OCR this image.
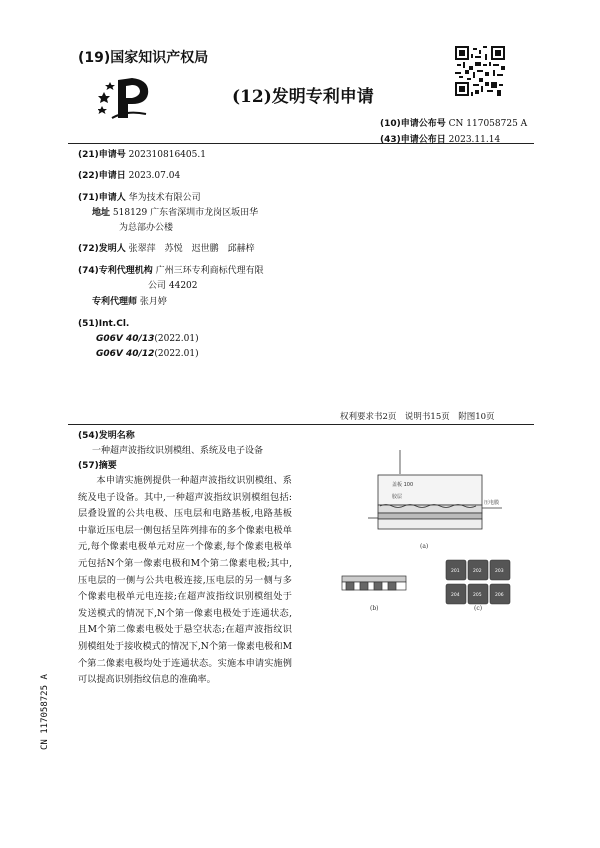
(19)国家知识产权局
(12)发明专利申请
(10)申请公布号 CN 117058725 A
(43)申请公布日 2023.11.14
(21)申请号 202310816405.1
(22)申请日 2023.07.04
(71)申请人 华为技术有限公司
地址 518129 广东省深圳市龙岗区坂田华
为总部办公楼
(72)发明人 张翠萍　苏悦　迟世鹏　邱赫梓
(74)专利代理机构 广州三环专利商标代理有限
公司 44202
专利代理师 张月婷
(51)Int.Cl.
G06V 40/13(2022.01)
G06V 40/12(2022.01)
权利要求书2页　说明书15页　附图10页
(54)发明名称
一种超声波指纹识别模组、系统及电子设备
(57)摘要

本申请实施例提供一种超声波指纹识别模组、系统及电子设备。其中,一种超声波指纹识别模组包括:层叠设置的公共电极、压电层和电路基板,电路基板中靠近压电层一侧包括呈阵列排布的多个像素电极单元,每个像素电极单元对应一个像素,每个像素电极单元包括N个第一像素电极和M个第二像素电极;其中,压电层的一侧与公共电极连接,压电层的另一侧与多个像素电极单元电连接;在超声波指纹识别模组处于发送模式的情况下,N个第一像素电极处于连通状态,且M个第二像素电极处于悬空状态;在超声波指纹识别模组处于接收模式的情况下,N个第一像素电极和M个第二像素电极均处于连通状态。实施本申请实施例可以提高识别指纹信息的准确率。

CN 117058725 A
盖板 100
胶层
压电膜
(a)
(b)
201	202	203
204	205	206
(c)
